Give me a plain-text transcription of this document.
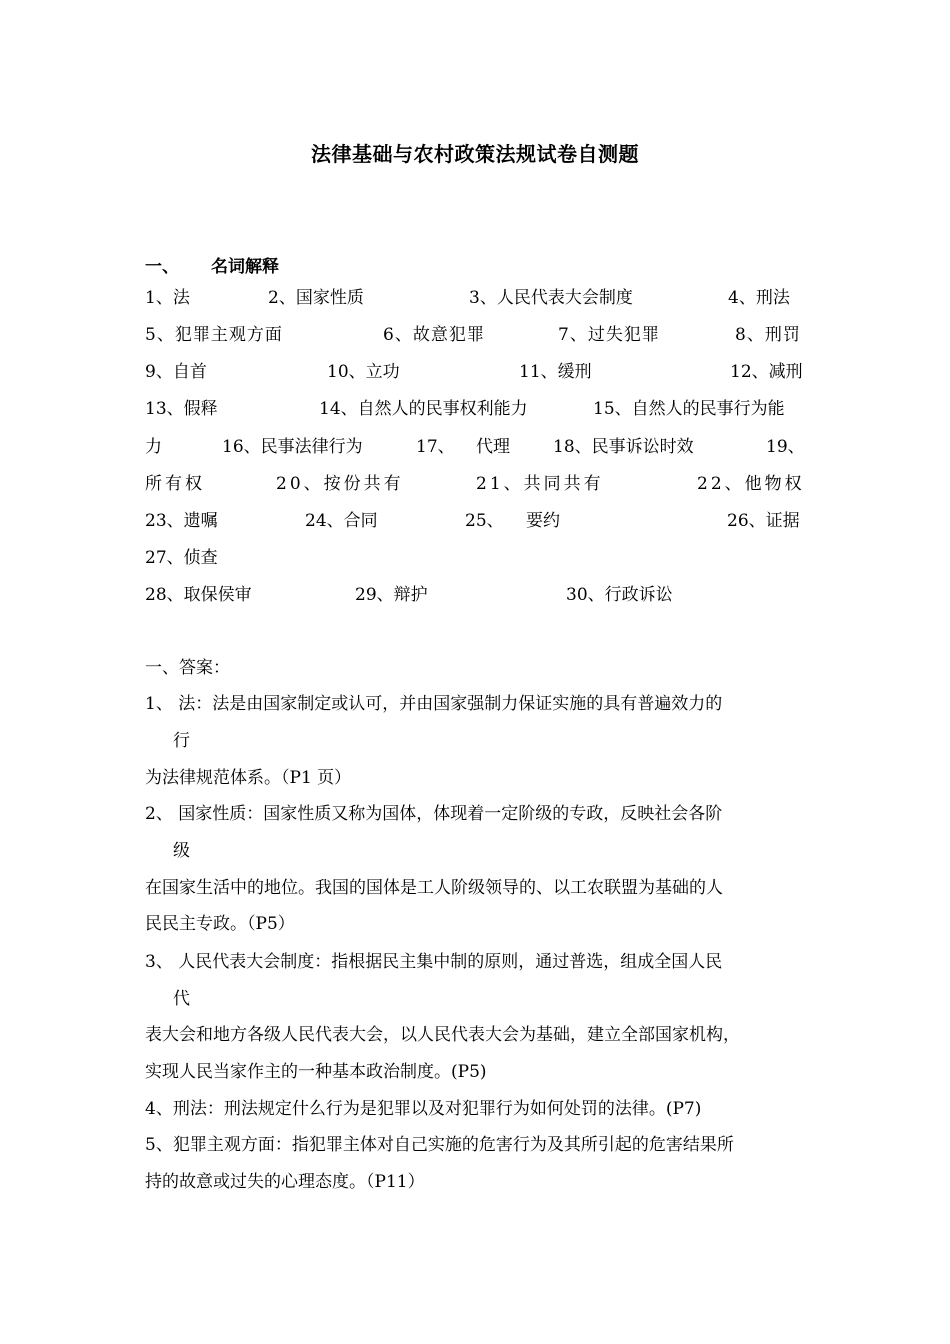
法律基础与农村政策法规试卷自测题
一、 名词解释
1、法	2、国家性质	3、人民代表大会制度	4、刑法
5、犯罪主观方面	6、故意犯罪	7、过失犯罪	8、刑罚
9、自首	10、立功	11、缓刑	12、减刑
13、假释	14、自然人的民事权利能力	15、自然人的民事行为能
力	16、民事法律行为	17、 代理	18、民事诉讼时效	19、
所有权	20、按份共有	21、共同共有	22、他物权
23、遗嘱	24、合同	25、 要约	26、证据
27、侦查
28、取保侯审	29、辩护	30、行政诉讼
一、答案：
1、 法：法是由国家制定或认可，并由国家强制力保证实施的具有普遍效力的
行
为法律规范体系。（P1 页）
2、 国家性质：国家性质又称为国体，体现着一定阶级的专政，反映社会各阶
级
在国家生活中的地位。我国的国体是工人阶级领导的、以工农联盟为基础的人
民民主专政。（P5）
3、 人民代表大会制度：指根据民主集中制的原则，通过普选，组成全国人民
代
表大会和地方各级人民代表大会，以人民代表大会为基础，建立全部国家机构，
实现人民当家作主的一种基本政治制度。(P5)
4、刑法：刑法规定什么行为是犯罪以及对犯罪行为如何处罚的法律。(P7)
5、犯罪主观方面：指犯罪主体对自己实施的危害行为及其所引起的危害结果所
持的故意或过失的心理态度。（P11）
